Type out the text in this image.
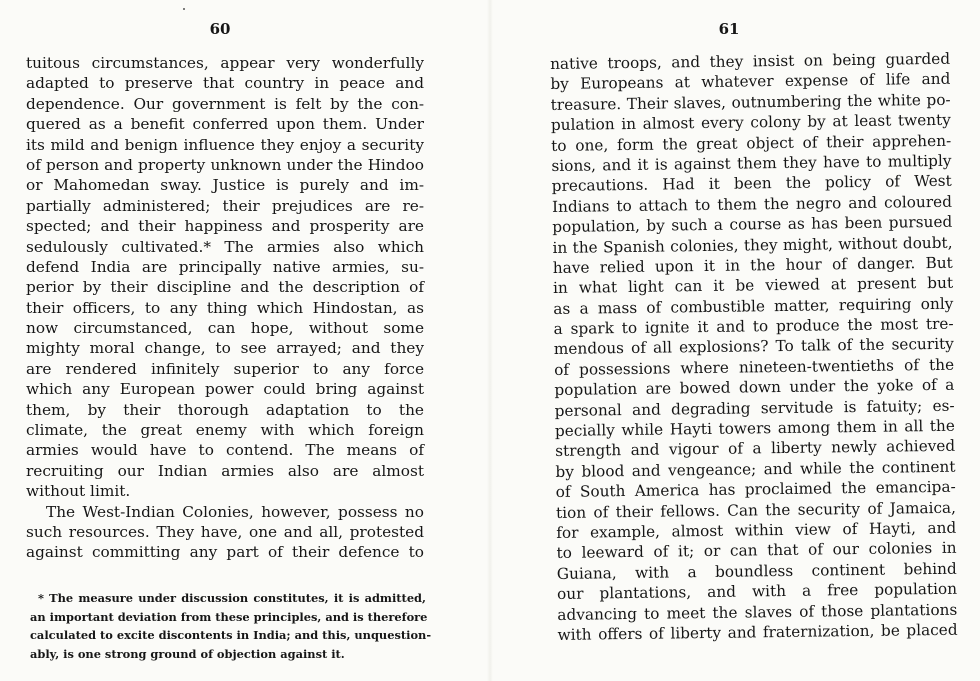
60

tuitous circumstances, appear very wonderfully
adapted to preserve that country in peace and
dependence. Our government is felt by the con-
quered as a benefit conferred upon them. Under
its mild and benign influence they enjoy a security
of person and property unknown under the Hindoo
or Mahomedan sway. Justice is purely and im-
partially administered; their prejudices are re-
spected; and their happiness and prosperity are
sedulously cultivated.* The armies also which
defend India are principally native armies, su-
perior by their discipline and the description of
their officers, to any thing which Hindostan, as
now circumstanced, can hope, without some
mighty moral change, to see arrayed; and they
are rendered infinitely superior to any force
which any European power could bring against
them, by their thorough adaptation to the
climate, the great enemy with which foreign
armies would have to contend. The means of
recruiting our Indian armies also are almost
without limit.
The West-Indian Colonies, however, possess no
such resources. They have, one and all, protested
against committing any part of their defence to
* The measure under discussion constitutes, it is admitted,
an important deviation from these principles, and is therefore
calculated to excite discontents in India; and this, unquestion-
ably, is one strong ground of objection against it.

61

native troops, and they insist on being guarded
by Europeans at whatever expense of life and
treasure. Their slaves, outnumbering the white po-
pulation in almost every colony by at least twenty
to one, form the great object of their apprehen-
sions, and it is against them they have to multiply
precautions. Had it been the policy of West
Indians to attach to them the negro and coloured
population, by such a course as has been pursued
in the Spanish colonies, they might, without doubt,
have relied upon it in the hour of danger. But
in what light can it be viewed at present but
as a mass of combustible matter, requiring only
a spark to ignite it and to produce the most tre-
mendous of all explosions? To talk of the security
of possessions where nineteen-twentieths of the
population are bowed down under the yoke of a
personal and degrading servitude is fatuity; es-
pecially while Hayti towers among them in all the
strength and vigour of a liberty newly achieved
by blood and vengeance; and while the continent
of South America has proclaimed the emancipa-
tion of their fellows. Can the security of Jamaica,
for example, almost within view of Hayti, and
to leeward of it; or can that of our colonies in
Guiana, with a boundless continent behind
our plantations, and with a free population
advancing to meet the slaves of those plantations
with offers of liberty and fraternization, be placed
